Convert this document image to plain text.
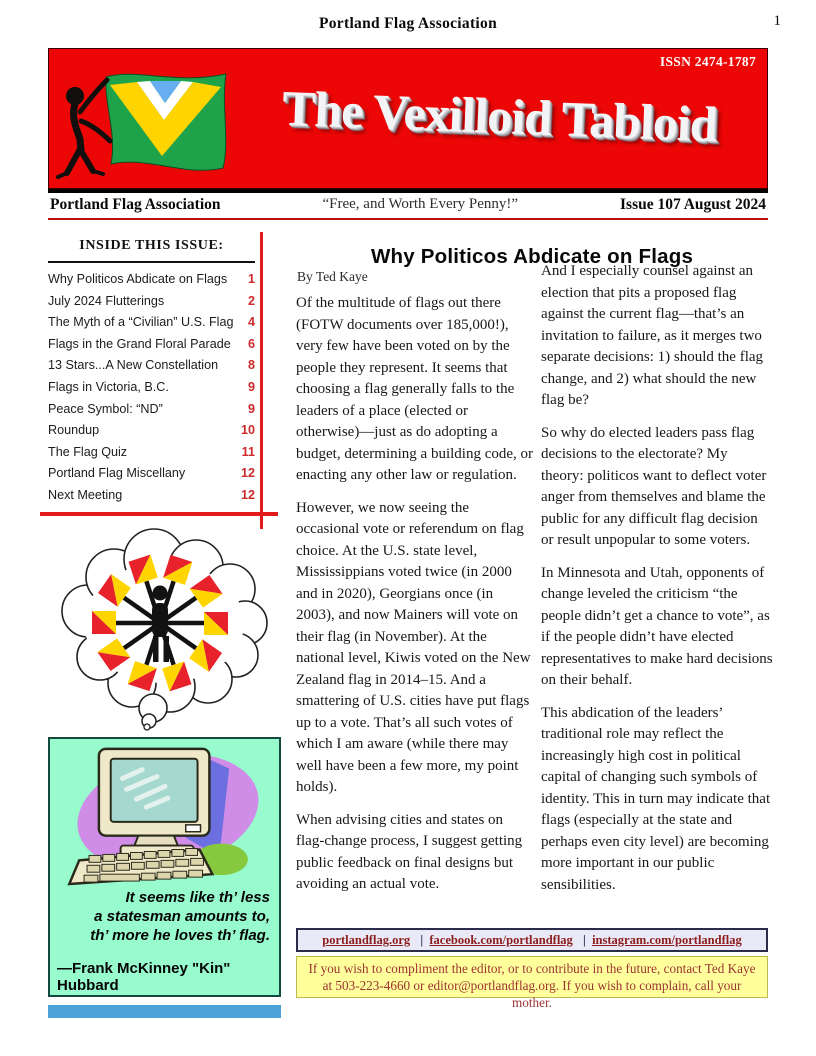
Portland Flag Association	1
ISSN 2474-1787
The Vexilloid Tabloid
Portland Flag Association	“Free, and Worth Every Penny!”	Issue 107 August 2024
INSIDE THIS ISSUE:
Why Politicos Abdicate on Flags 1
July 2024 Flutterings	2
The Myth of a “Civilian” U.S. Flag 4
Flags in the Grand Floral Parade 6
13 Stars...A New Constellation 8
Flags in Victoria, B.C.	9
Peace Symbol: “ND”	9
Roundup	10
The Flag Quiz	11
Portland Flag Miscellany	12
Next Meeting	12
It seems like th’ less
a statesman amounts to,
th’ more he loves th’ flag.
—Frank McKinney "Kin" Hubbard
Why Politicos Abdicate on Flags
By Ted Kaye

Of the multitude of flags out there (FOTW documents over 185,000!), very few have been voted on by the people they represent. It seems that choosing a flag generally falls to the leaders of a place (elected or otherwise)—just as do adopting a budget, determining a building code, or enacting any other law or regulation.

However, we now seeing the occasional vote or referendum on flag choice. At the U.S. state level, Mississippians voted twice (in 2000 and in 2020), Georgians once (in 2003), and now Mainers will vote on their flag (in November). At the national level, Kiwis voted on the New Zealand flag in 2014–15. And a smattering of U.S. cities have put flags up to a vote. That’s all such votes of which I am aware (while there may well have been a few more, my point holds).

When advising cities and states on flag-change process, I suggest getting public feedback on final designs but avoiding an actual vote.

And I especially counsel against an election that pits a proposed flag against the current flag—that’s an invitation to failure, as it merges two separate decisions: 1) should the flag change, and 2) what should the new flag be?

So why do elected leaders pass flag decisions to the electorate? My theory: politicos want to deflect voter anger from themselves and blame the public for any difficult flag decision or result unpopular to some voters.

In Minnesota and Utah, opponents of change leveled the criticism “the people didn’t get a chance to vote”, as if the people didn’t have elected representatives to make hard decisions on their behalf.

This abdication of the leaders’ traditional role may reflect the increasingly high cost in political capital of changing such symbols of identity. This in turn may indicate that flags (especially at the state and perhaps even city level) are becoming more important in our public sensibilities.

portlandflag.org |  facebook.com/portlandflag |  instagram.com/portlandflag
If you wish to compliment the editor, or to contribute in the future, contact Ted Kaye
at 503-223-4660 or editor@portlandflag.org. If you wish to complain, call your mother.
